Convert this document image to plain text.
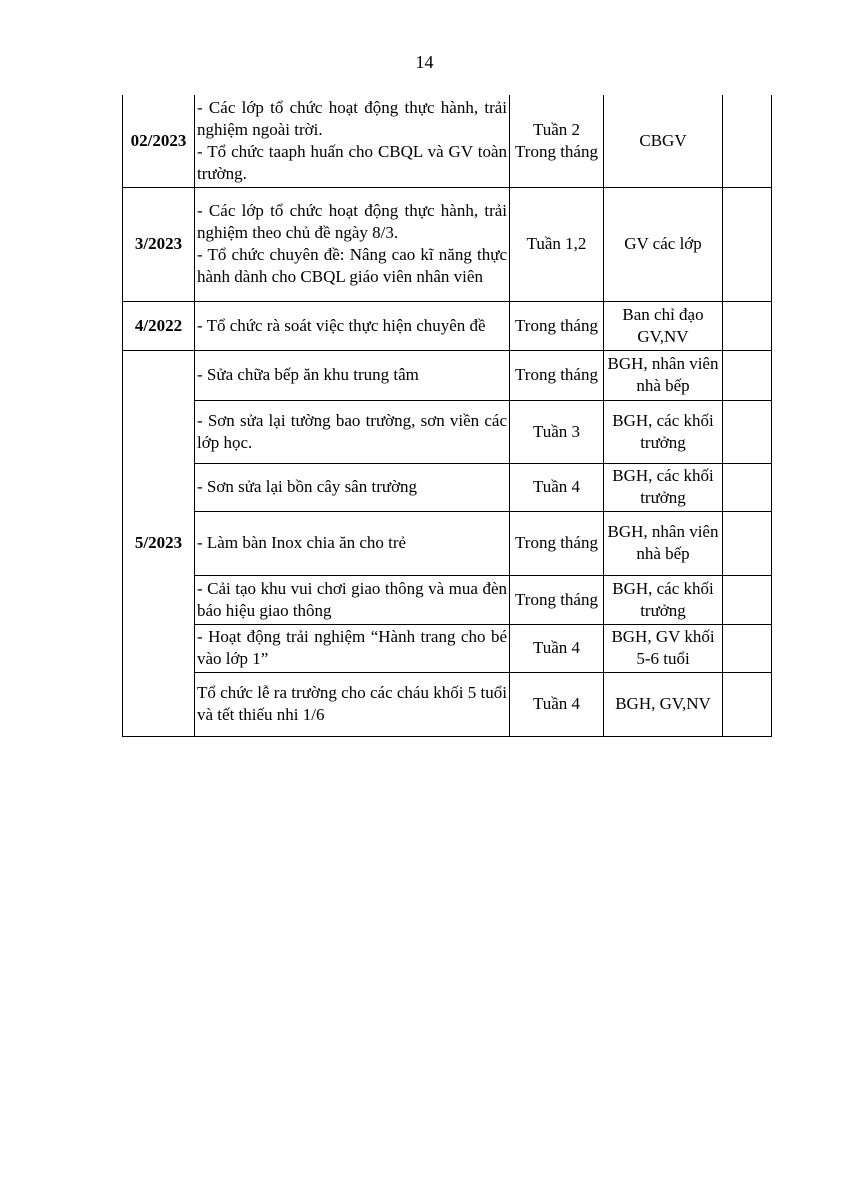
14
02/2023	- Các lớp tổ chức hoạt động thực hành, trải nghiệm ngoài trời.
- Tổ chức taaph huấn cho CBQL và GV toàn trường.	Tuần 2 Trong tháng	CBGV	
3/2023	- Các lớp tổ chức hoạt động thực hành, trải nghiệm theo chủ đề ngày 8/3.
- Tổ chức chuyên đề: Nâng cao kĩ năng thực hành dành cho CBQL giáo viên nhân viên	Tuần 1,2	GV các lớp	
4/2022	- Tổ chức rà soát việc thực hiện chuyên đề	Trong tháng	Ban chỉ đạo GV,NV	
5/2023	- Sửa chữa bếp ăn khu trung tâm	Trong tháng	BGH, nhân viên nhà bếp	
	- Sơn sửa lại tường bao trường, sơn viền các lớp học.	Tuần 3	BGH, các khối trưởng	
	- Sơn sửa lại bồn cây sân trường	Tuần 4	BGH, các khối trưởng	
	- Làm bàn Inox chia ăn cho trẻ	Trong tháng	BGH, nhân viên nhà bếp	
	- Cải tạo khu vui chơi giao thông và mua đèn báo hiệu giao thông	Trong tháng	BGH, các khối trưởng	
	- Hoạt động trải nghiệm “Hành trang cho bé vào lớp 1”	Tuần 4	BGH, GV khối 5-6 tuổi	
	Tổ chức lễ ra trường cho các cháu khối 5 tuổi và tết thiếu nhi 1/6	Tuần 4	BGH, GV,NV	
